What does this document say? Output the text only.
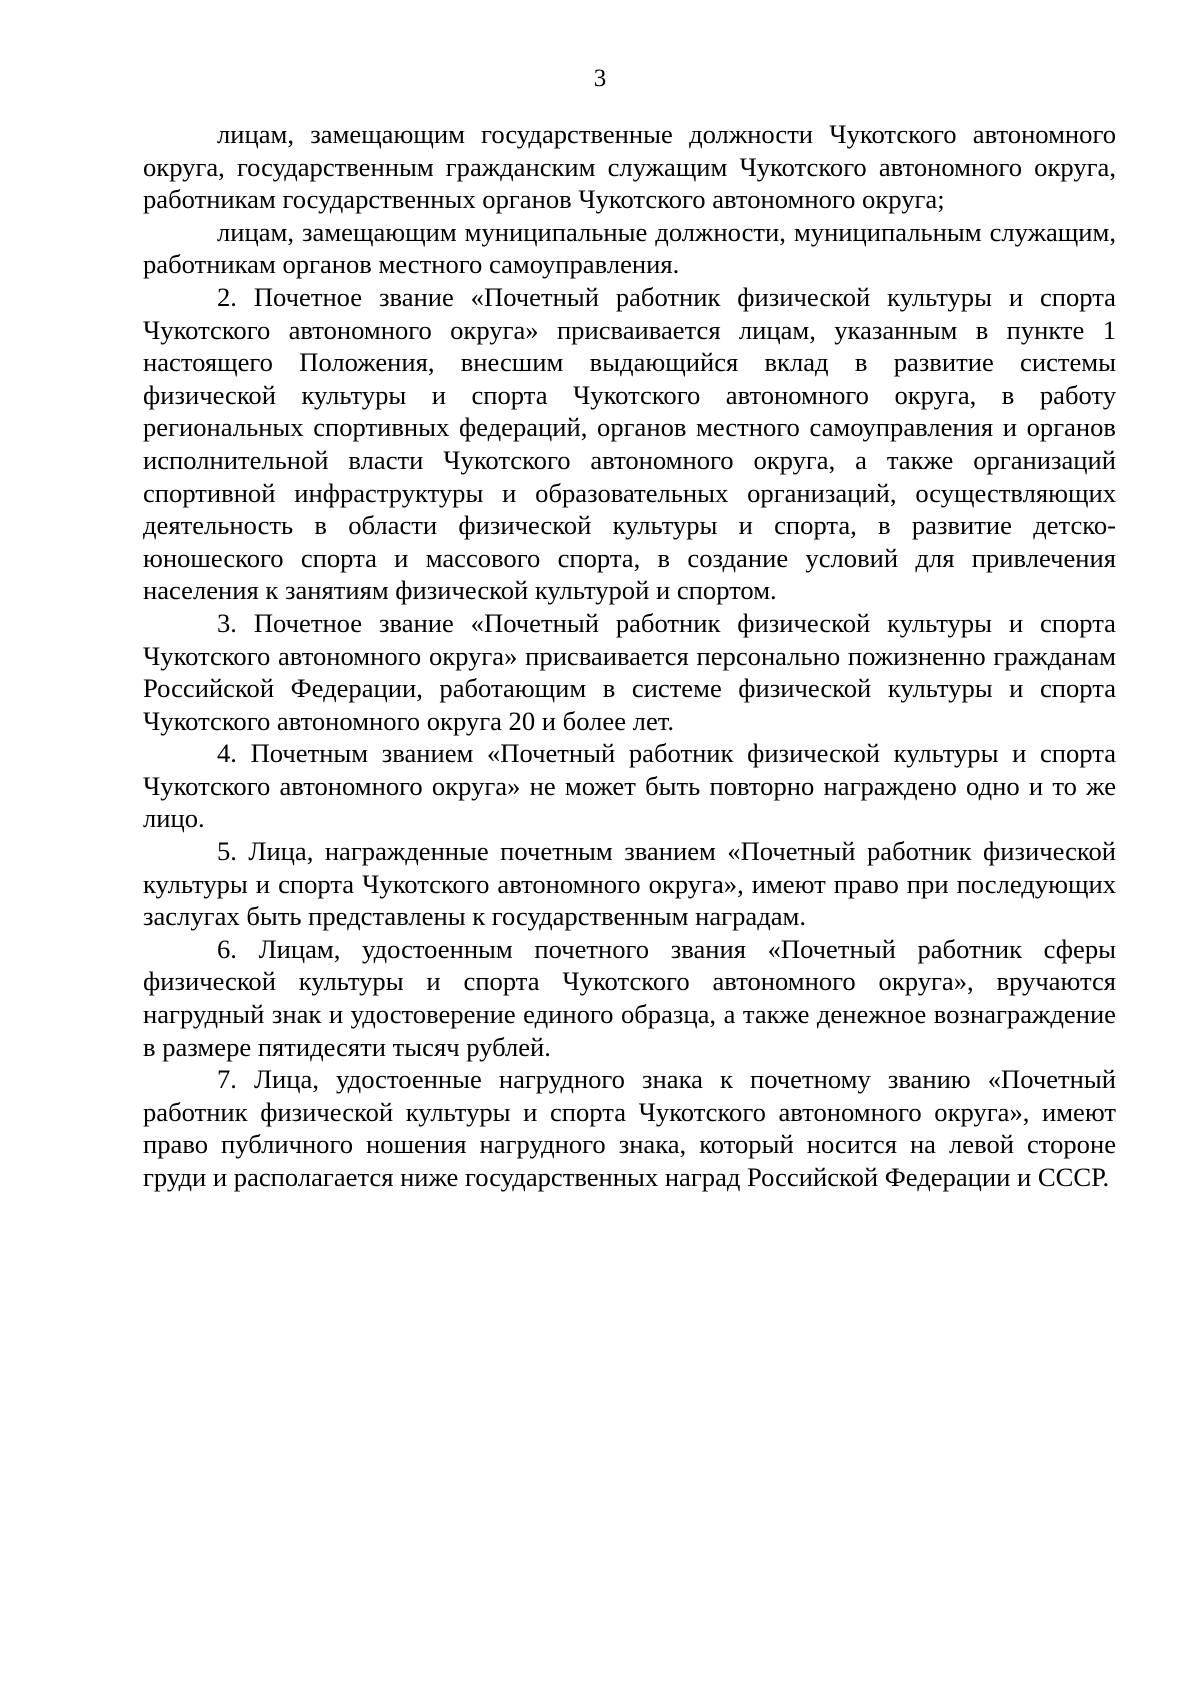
3

лицам, замещающим государственные должности Чукотского автономного округа, государственным гражданским служащим Чукотского автономного округа, работникам государственных органов Чукотского автономного округа;

лицам, замещающим муниципальные должности, муниципальным служащим, работникам органов местного самоуправления.

2. Почетное звание «Почетный работник физической культуры и спорта Чукотского автономного округа» присваивается лицам, указанным в пункте 1 настоящего Положения, внесшим выдающийся вклад в развитие системы физической культуры и спорта Чукотского автономного округа, в работу региональных спортивных федераций, органов местного самоуправления и органов исполнительной власти Чукотского автономного округа, а также организаций спортивной инфраструктуры и образовательных организаций, осуществляющих деятельность в области физической культуры и спорта, в развитие детско-юношеского спорта и массового спорта, в создание условий для привлечения населения к занятиям физической культурой и спортом.

3. Почетное звание «Почетный работник физической культуры и спорта Чукотского автономного округа» присваивается персонально пожизненно гражданам Российской Федерации, работающим в системе физической культуры и спорта Чукотского автономного округа 20 и более лет.

4. Почетным званием «Почетный работник физической культуры и спорта Чукотского автономного округа» не может быть повторно награждено одно и то же лицо.

5. Лица, награжденные почетным званием «Почетный работник физической культуры и спорта Чукотского автономного округа», имеют право при последующих заслугах быть представлены к государственным наградам.

6. Лицам, удостоенным почетного звания «Почетный работник сферы физической культуры и спорта Чукотского автономного округа», вручаются нагрудный знак и удостоверение единого образца, а также денежное вознаграждение в размере пятидесяти тысяч рублей.

7. Лица, удостоенные нагрудного знака к почетному званию «Почетный работник физической культуры и спорта Чукотского автономного округа», имеют право публичного ношения нагрудного знака, который носится на левой стороне груди и располагается ниже государственных наград Российской Федерации и СССР.
